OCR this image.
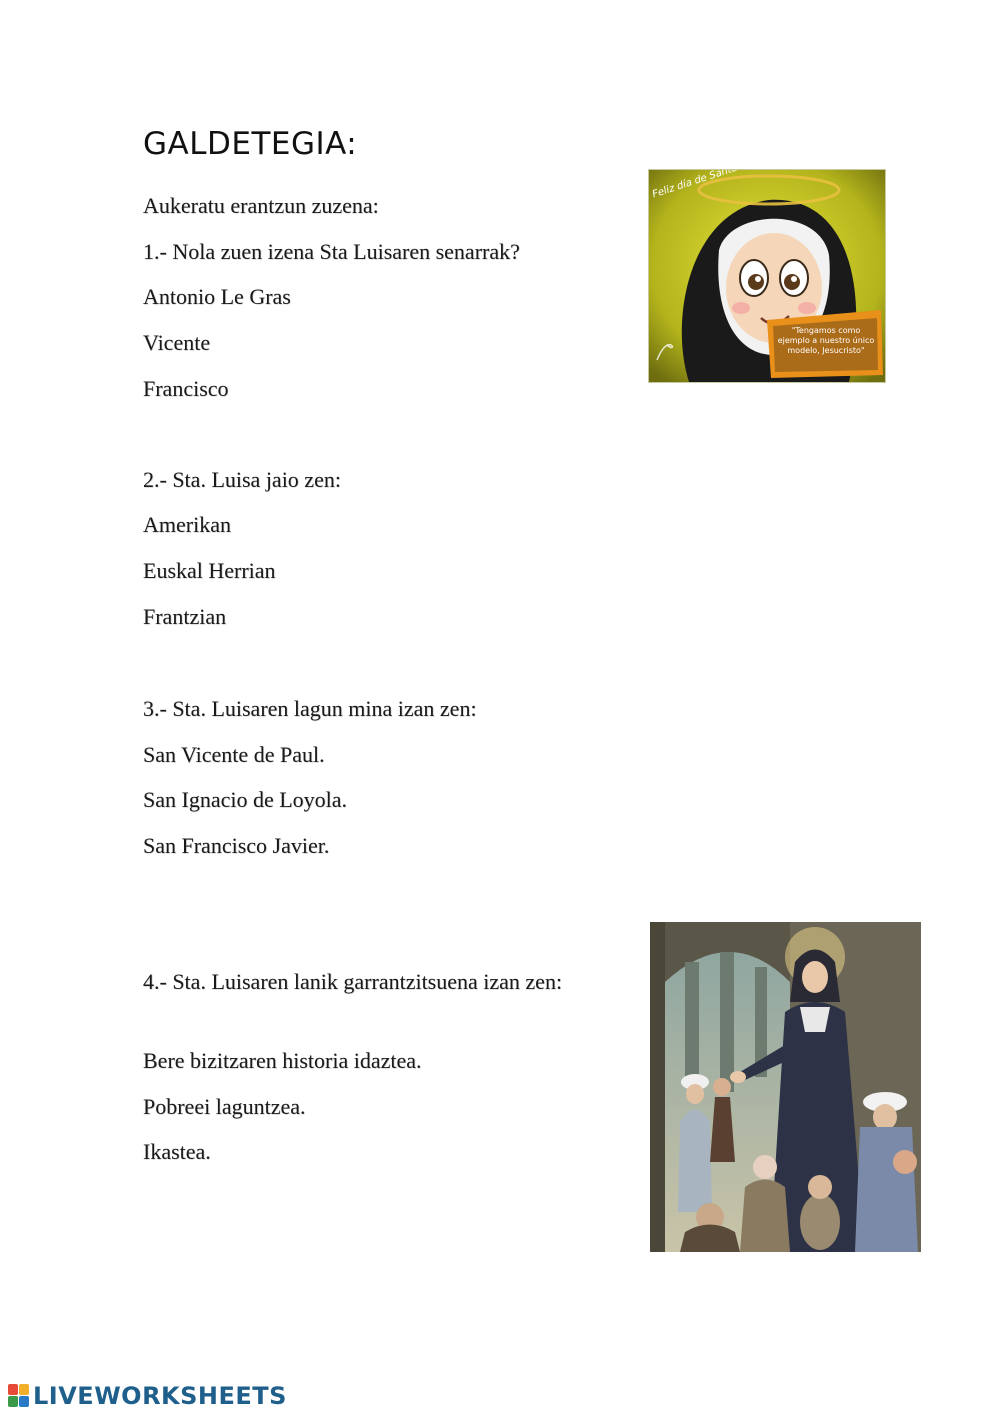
GALDETEGIA:
Aukeratu erantzun zuzena:
1.- Nola zuen izena Sta Luisaren senarrak?
Antonio Le Gras
Vicente
Francisco
2.- Sta. Luisa jaio zen:
Amerikan
Euskal Herrian
Frantzian
3.- Sta. Luisaren lagun mina izan zen:
San Vicente de Paul.
San Ignacio de Loyola.
San Francisco Javier.
4.- Sta. Luisaren lanik garrantzitsuena izan zen:
Bere bizitzaren historia idaztea.
Pobreei laguntzea.
Ikastea.
"Tengamos como ejemplo a nuestro único modelo, Jesucristo"
LIVEWORKSHEETS
